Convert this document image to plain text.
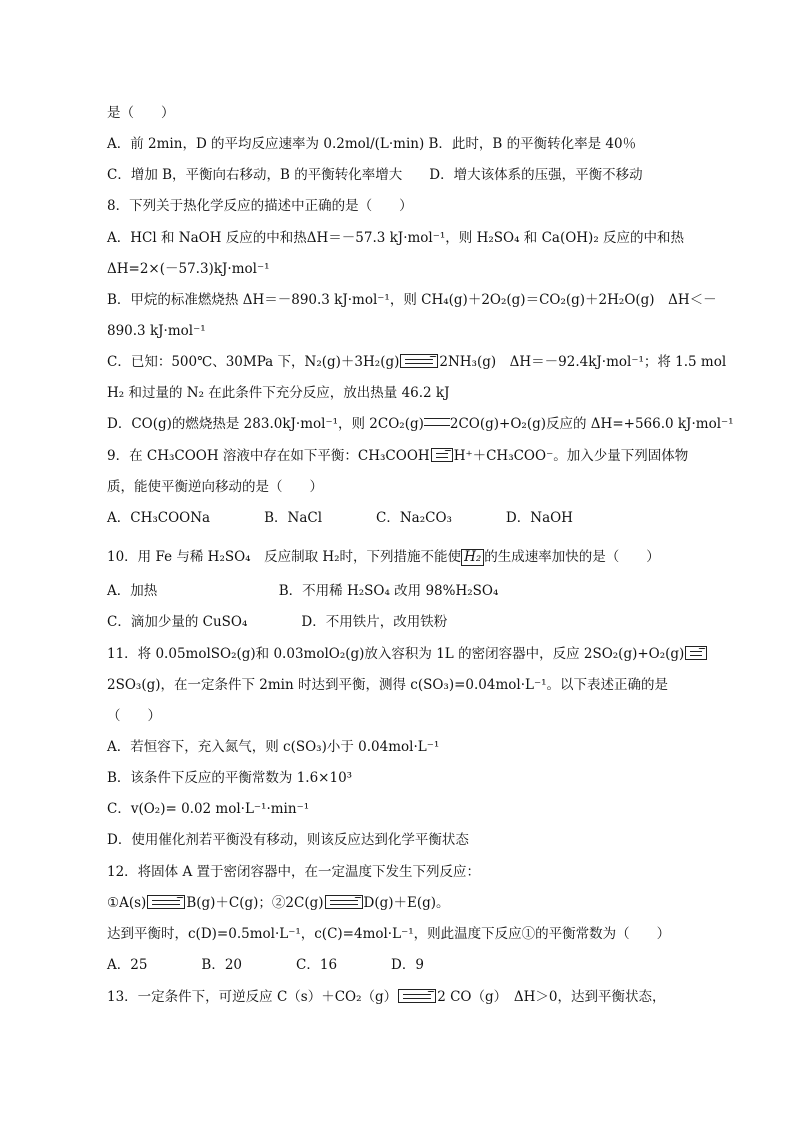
是（　　）
A．前 2min，D 的平均反应速率为 0.2mol/(L·min) B．此时，B 的平衡转化率是 40％
C．增加 B，平衡向右移动，B 的平衡转化率增大　　D．增大该体系的压强，平衡不移动
8．下列关于热化学反应的描述中正确的是（　　）
A．HCl 和 NaOH 反应的中和热ΔH＝－57.3 kJ·mol⁻¹，则 H₂SO₄ 和 Ca(OH)₂ 反应的中和热
ΔH=2×(－57.3)kJ·mol⁻¹
B．甲烷的标准燃烧热 ΔH＝－890.3 kJ·mol⁻¹，则 CH₄(g)＋2O₂(g)＝CO₂(g)＋2H₂O(g)　ΔH＜－
890.3 kJ·mol⁻¹
C．已知：500℃、30MPa 下，N₂(g)＋3H₂(g)→2NH₃(g)　ΔH＝－92.4kJ·mol⁻¹；将 1.5 mol
H₂ 和过量的 N₂ 在此条件下充分反应，放出热量 46.2 kJ
D．CO(g)的燃烧热是 283.0kJ·mol⁻¹，则 2CO₂(g) 2CO(g)+O₂(g)反应的 ΔH=+566.0 kJ·mol⁻¹
9．在 CH₃COOH 溶液中存在如下平衡：CH₃COOH H⁺＋CH₃COO⁻。加入少量下列固体物
质，能使平衡逆向移动的是（　　）
A．CH₃COONa　　　　B．NaCl　　　　C．Na₂CO₃　　　　D．NaOH
10．用 Fe 与稀 H₂SO₄　反应制取 H₂时，下列措施不能使 H₂ 的生成速率加快的是（　　）
A．加热　　　　　　　　　B．不用稀 H₂SO₄ 改用 98%H₂SO₄
C．滴加少量的 CuSO₄　　　　D．不用铁片，改用铁粉
11．将 0.05molSO₂(g)和 0.03molO₂(g)放入容积为 1L 的密闭容器中，反应 2SO₂(g)+O₂(g)
2SO₃(g)，在一定条件下 2min 时达到平衡，测得 c(SO₃)=0.04mol·L⁻¹。以下表述正确的是
（　　）
A．若恒容下，充入氮气，则 c(SO₃)小于 0.04mol·L⁻¹
B．该条件下反应的平衡常数为 1.6×10³
C．v(O₂)= 0.02 mol·L⁻¹·min⁻¹
D．使用催化剂若平衡没有移动，则该反应达到化学平衡状态
12．将固体 A 置于密闭容器中，在一定温度下发生下列反应：
①A(s)→B(g)＋C(g)；②2C(g)→D(g)＋E(g)。
达到平衡时，c(D)=0.5mol·L⁻¹，c(C)=4mol·L⁻¹，则此温度下反应①的平衡常数为（　　）
A．25　　　　B．20　　　　C．16　　　　D．9
13．一定条件下，可逆反应 C（s）＋CO₂（g）→2 CO（g）　ΔH＞0，达到平衡状态，
